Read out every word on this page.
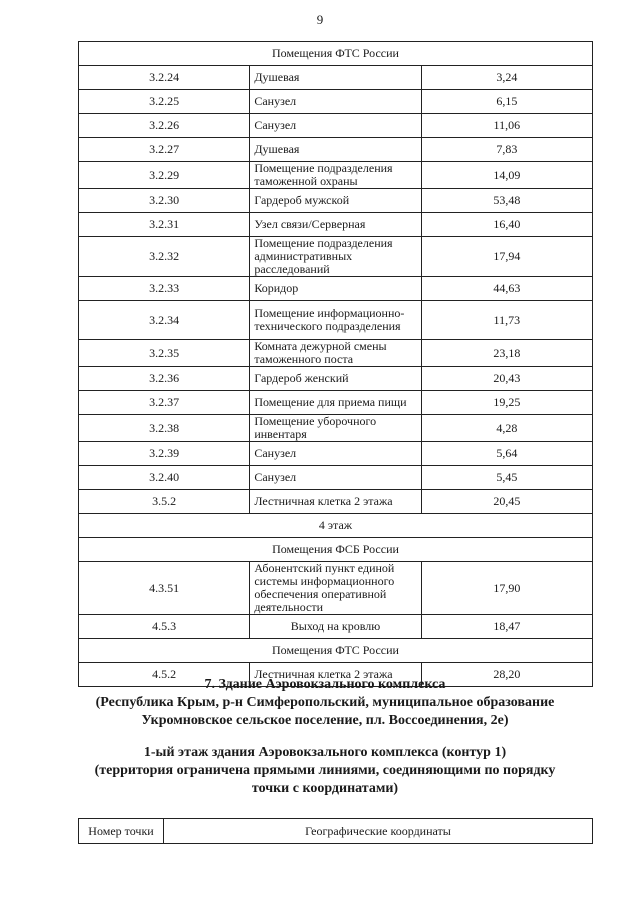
9
Помещения ФТС России		
3.2.24	Душевая	3,24
3.2.25	Санузел	6,15
3.2.26	Санузел	11,06
3.2.27	Душевая	7,83
3.2.29	Помещение подразделения таможенной охраны	14,09
3.2.30	Гардероб мужской	53,48
3.2.31	Узел связи/Серверная	16,40
3.2.32	Помещение подразделения административных расследований	17,94
3.2.33	Коридор	44,63
3.2.34	Помещение информационно-технического подразделения	11,73
3.2.35	Комната дежурной смены таможенного поста	23,18
3.2.36	Гардероб женский	20,43
3.2.37	Помещение для приема пищи	19,25
3.2.38	Помещение уборочного инвентаря	4,28
3.2.39	Санузел	5,64
3.2.40	Санузел	5,45
3.5.2	Лестничная клетка 2 этажа	20,45
4 этаж		
Помещения ФСБ России		
4.3.51	Абонентский пункт единой системы информационного обеспечения оперативной деятельности	17,90
4.5.3	Выход на кровлю	18,47
Помещения ФТС России		
4.5.2	Лестничная клетка 2 этажа	28,20
7. Здание Аэровокзального комплекса
(Республика Крым, р-н Симферопольский, муниципальное образование
Укромновское сельское поселение, пл. Воссоединения, 2е)
1-ый этаж здания Аэровокзального комплекса (контур 1)
(территория ограничена прямыми линиями, соединяющими по порядку
точки с координатами)
Номер точки	Географические координаты
